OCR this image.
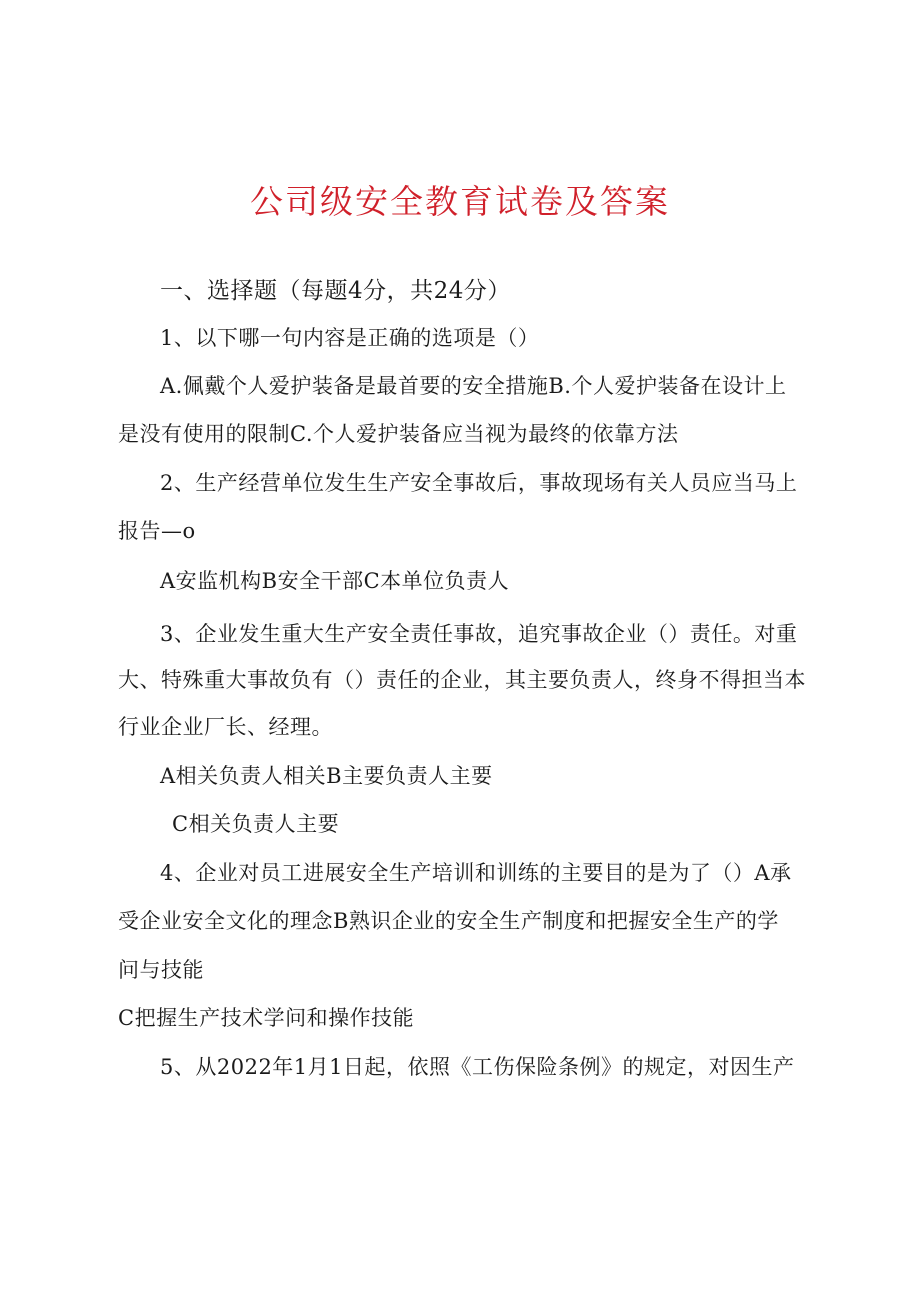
公司级安全教育试卷及答案
一、选择题（每题4分，共24分）
1、以下哪一句内容是正确的选项是（）
A.佩戴个人爱护装备是最首要的安全措施B.个人爱护装备在设计上
是没有使用的限制C.个人爱护装备应当视为最终的依靠方法
2、生产经营单位发生生产安全事故后，事故现场有关人员应当马上
报告—o
A安监机构B安全干部C本单位负责人
3、企业发生重大生产安全责任事故，追究事故企业（）责任。对重
大、特殊重大事故负有（）责任的企业，其主要负责人，终身不得担当本
行业企业厂长、经理。
A相关负责人相关B主要负责人主要
C相关负责人主要
4、企业对员工进展安全生产培训和训练的主要目的是为了（）A承
受企业安全文化的理念B熟识企业的安全生产制度和把握安全生产的学
问与技能
C把握生产技术学问和操作技能
5、从2022年1月1日起，依照《工伤保险条例》的规定，对因生产
